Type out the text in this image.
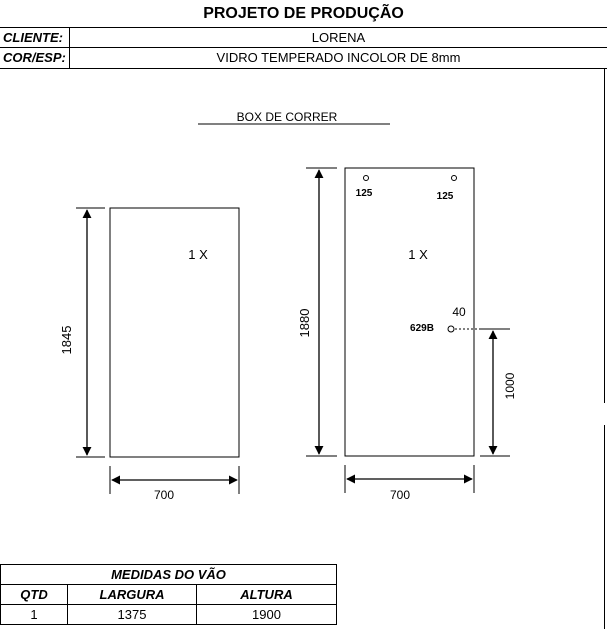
PROJETO DE PRODUÇÃO
CLIENTE:	LORENA
COR/ESP:	VIDRO TEMPERADO INCOLOR DE 8mm
BOX DE CORRER
1 X
1845
700
125	125
1 X
40
629B
1880
1000
700
MEDIDAS DO VÃO		
QTD	LARGURA	ALTURA
1	1375	1900
